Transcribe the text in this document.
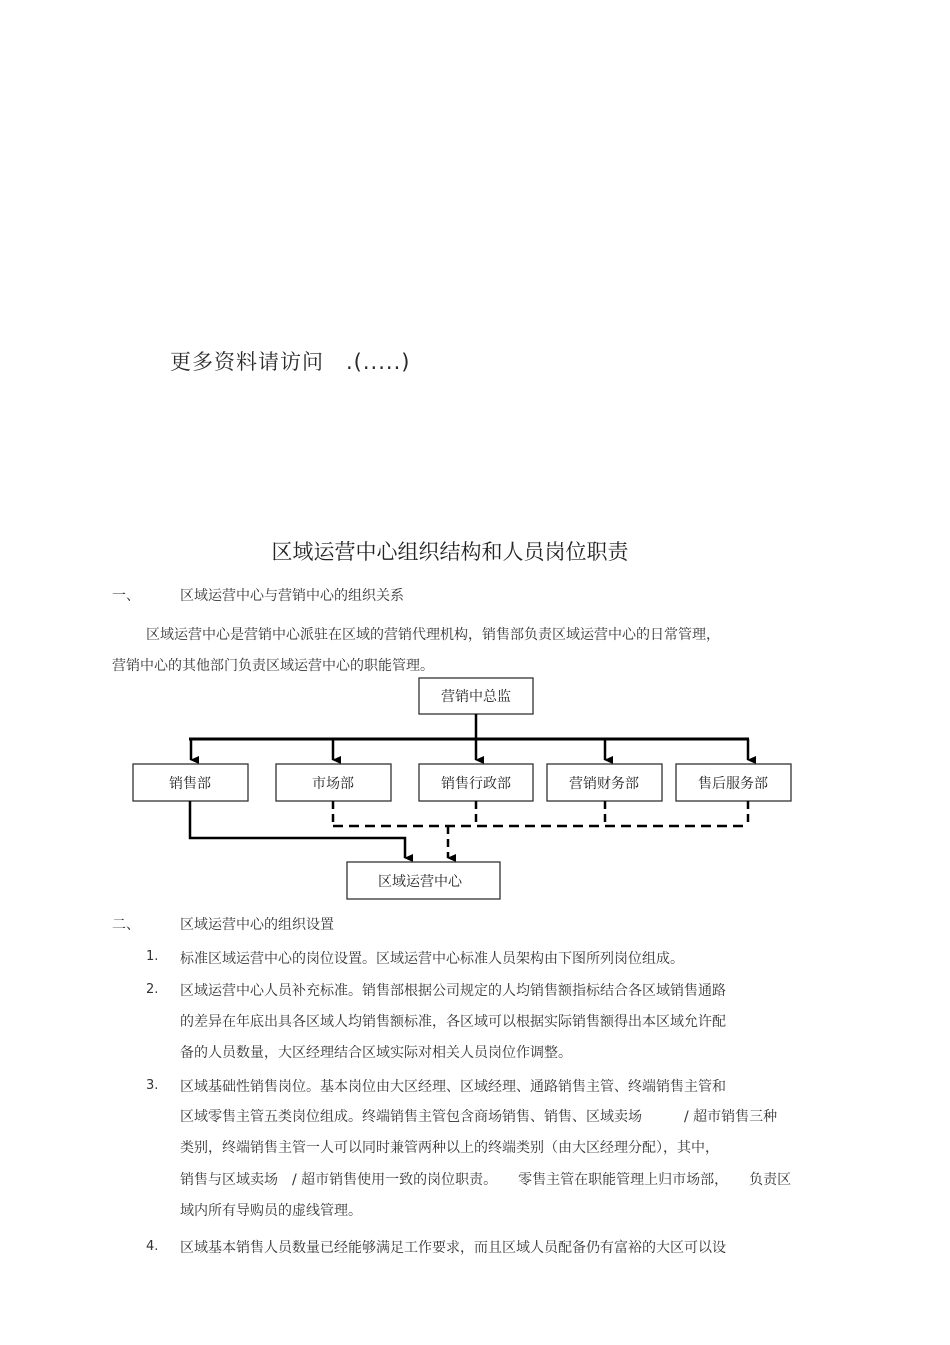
更多资料请访问　.(.....)
区域运营中心组织结构和人员岗位职责
一、	区域运营中心与营销中心的组织关系
区域运营中心是营销中心派驻在区域的营销代理机构，销售部负责区域运营中心的日常管理，
营销中心的其他部门负责区域运营中心的职能管理。
营销中总监
销售部	市场部	销售行政部	营销财务部	售后服务部
区域运营中心
二、	区域运营中心的组织设置
1. 标准区域运营中心的岗位设置。区域运营中心标准人员架构由下图所列岗位组成。
2. 区域运营中心人员补充标准。销售部根据公司规定的人均销售额指标结合各区域销售通路
的差异在年底出具各区域人均销售额标准，各区域可以根据实际销售额得出本区域允许配
备的人员数量，大区经理结合区域实际对相关人员岗位作调整。
3. 区域基础性销售岗位。基本岗位由大区经理、区域经理、通路销售主管、终端销售主管和
区域零售主管五类岗位组成。终端销售主管包含商场销售、销售、区域卖场　　　/ 超市销售三种
类别，终端销售主管一人可以同时兼管两种以上的终端类别（由大区经理分配），其中，
销售与区域卖场　/ 超市销售使用一致的岗位职责。　　零售主管在职能管理上归市场部，　　负责区
域内所有导购员的虚线管理。
4. 区域基本销售人员数量已经能够满足工作要求，而且区域人员配备仍有富裕的大区可以设
